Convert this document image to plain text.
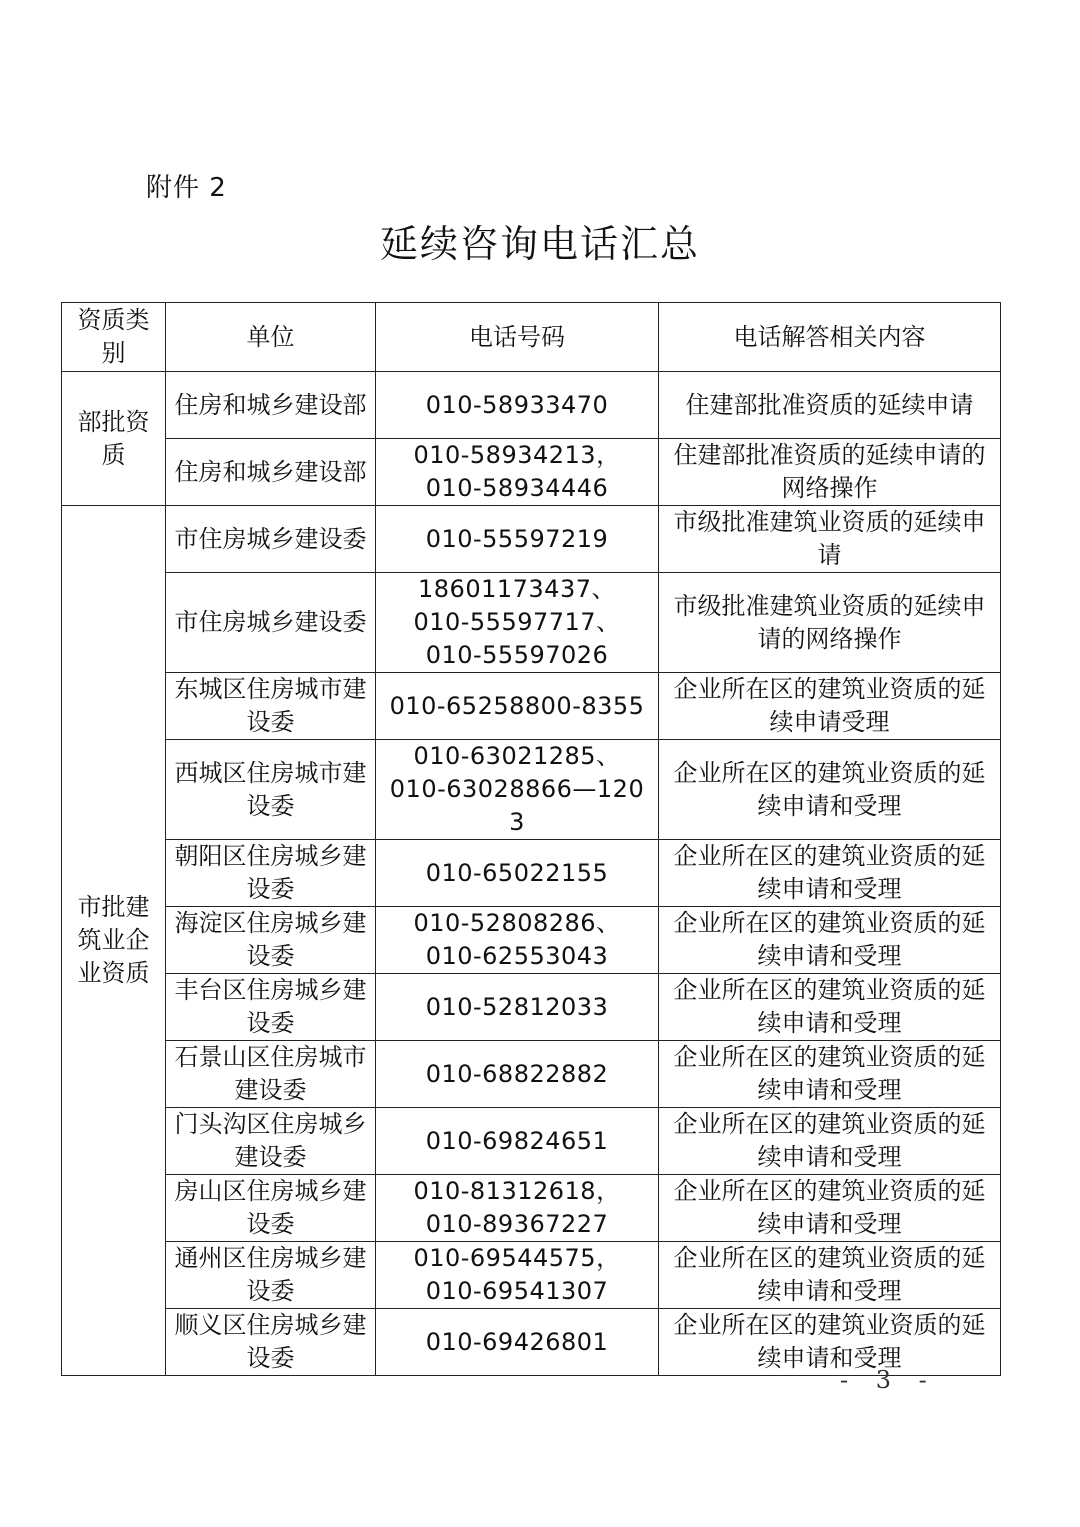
附件 2
延续咨询电话汇总
资质类别	单位	电话号码	电话解答相关内容
部批资质	住房和城乡建设部	010-58933470	住建部批准资质的延续申请
	住房和城乡建设部	010-58934213，
010-58934446	住建部批准资质的延续申请的网络操作
市批建筑业企业资质	市住房城乡建设委	010-55597219	市级批准建筑业资质的延续申请
	市住房城乡建设委	18601173437、
010-55597717、
010-55597026	市级批准建筑业资质的延续申请的网络操作
	东城区住房城市建设委	010-65258800-8355	企业所在区的建筑业资质的延续申请受理
	西城区住房城市建设委	010-63021285、
010-63028866—1203	企业所在区的建筑业资质的延续申请和受理
	朝阳区住房城乡建设委	010-65022155	企业所在区的建筑业资质的延续申请和受理
	海淀区住房城乡建设委	010-52808286、
010-62553043	企业所在区的建筑业资质的延续申请和受理
	丰台区住房城乡建设委	010-52812033	企业所在区的建筑业资质的延续申请和受理
	石景山区住房城市建设委	010-68822882	企业所在区的建筑业资质的延续申请和受理
	门头沟区住房城乡建设委	010-69824651	企业所在区的建筑业资质的延续申请和受理
	房山区住房城乡建设委	010-81312618，
010-89367227	企业所在区的建筑业资质的延续申请和受理
	通州区住房城乡建设委	010-69544575，
010-69541307	企业所在区的建筑业资质的延续申请和受理
	顺义区住房城乡建设委	010-69426801	企业所在区的建筑业资质的延续申请和受理
- 3 -
